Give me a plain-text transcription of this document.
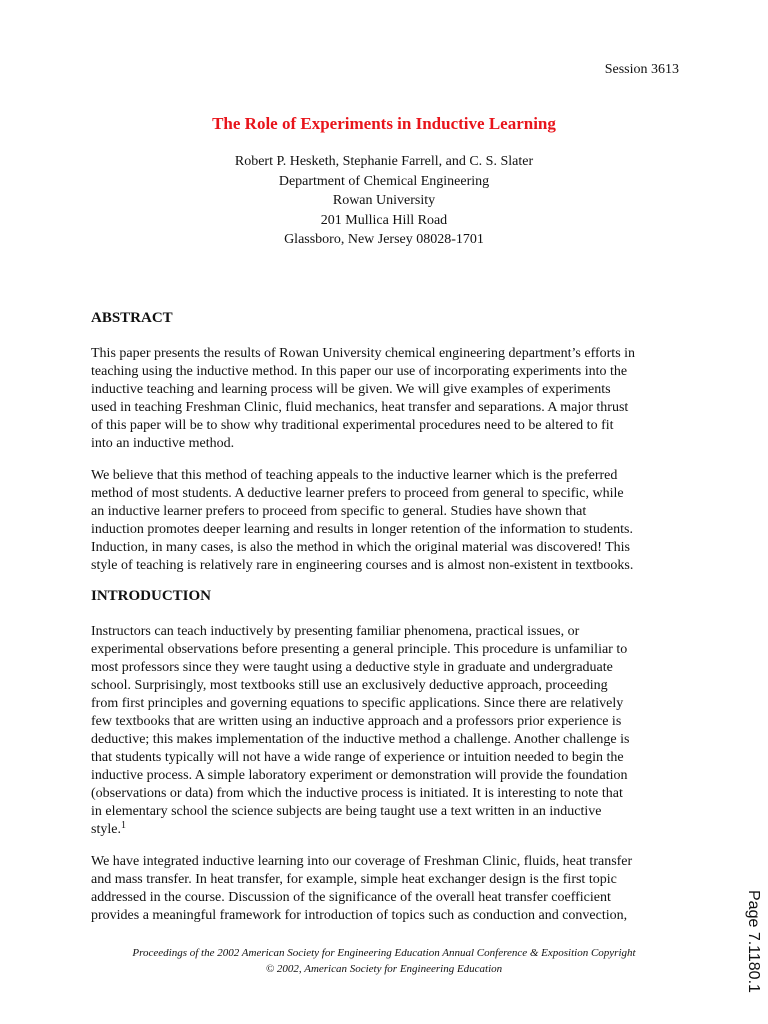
Session 3613
The Role of Experiments in Inductive Learning
Robert P. Hesketh, Stephanie Farrell, and C. S. Slater
Department of Chemical Engineering
Rowan University
201 Mullica Hill Road
Glassboro, New Jersey 08028-1701
ABSTRACT
This paper presents the results of Rowan University chemical engineering department’s efforts in
teaching using the inductive method. In this paper our use of incorporating experiments into the
inductive teaching and learning process will be given. We will give examples of experiments
used in teaching Freshman Clinic, fluid mechanics, heat transfer and separations. A major thrust
of this paper will be to show why traditional experimental procedures need to be altered to fit
into an inductive method.
We believe that this method of teaching appeals to the inductive learner which is the preferred
method of most students. A deductive learner prefers to proceed from general to specific, while
an inductive learner prefers to proceed from specific to general. Studies have shown that
induction promotes deeper learning and results in longer retention of the information to students.
Induction, in many cases, is also the method in which the original material was discovered! This
style of teaching is relatively rare in engineering courses and is almost non-existent in textbooks.
INTRODUCTION
Instructors can teach inductively by presenting familiar phenomena, practical issues, or
experimental observations before presenting a general principle. This procedure is unfamiliar to
most professors since they were taught using a deductive style in graduate and undergraduate
school. Surprisingly, most textbooks still use an exclusively deductive approach, proceeding
from first principles and governing equations to specific applications. Since there are relatively
few textbooks that are written using an inductive approach and a professors prior experience is
deductive; this makes implementation of the inductive method a challenge. Another challenge is
that students typically will not have a wide range of experience or intuition needed to begin the
inductive process. A simple laboratory experiment or demonstration will provide the foundation
(observations or data) from which the inductive process is initiated. It is interesting to note that
in elementary school the science subjects are being taught use a text written in an inductive
style.$^1$
We have integrated inductive learning into our coverage of Freshman Clinic, fluids, heat transfer
and mass transfer. In heat transfer, for example, simple heat exchanger design is the first topic
addressed in the course. Discussion of the significance of the overall heat transfer coefficient
provides a meaningful framework for introduction of topics such as conduction and convection,	Page 7.1180.1
Proceedings of the 2002 American Society for Engineering Education Annual Conference & Exposition Copyright
© 2002, American Society for Engineering Education
